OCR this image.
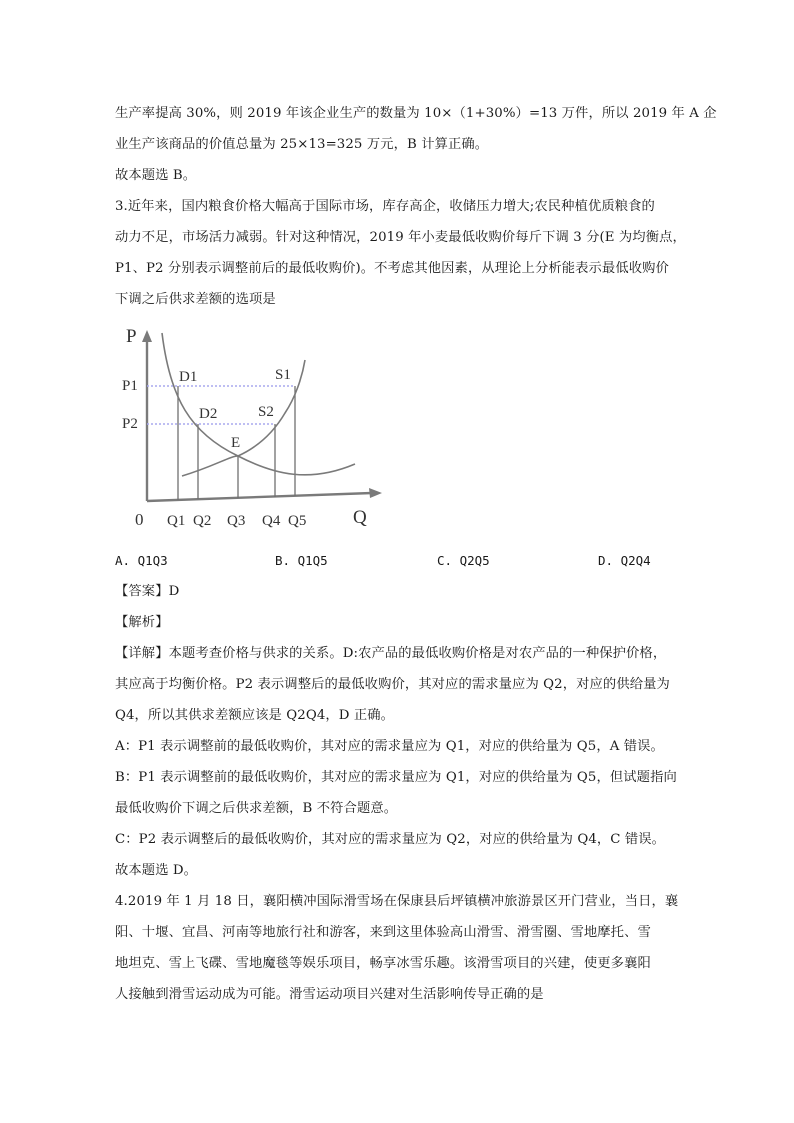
生产率提高 30%，则 2019 年该企业生产的数量为 10×（1+30%）=13 万件，所以 2019 年 A 企
业生产该商品的价值总量为 25×13=325 万元，B 计算正确。
故本题选 B。
3.近年来，国内粮食价格大幅高于国际市场，库存高企，收储压力增大;农民种植优质粮食的
动力不足，市场活力减弱。针对这种情况，2019 年小麦最低收购价每斤下调 3 分(E 为均衡点，
P1、P2 分别表示调整前后的最低收购价)。不考虑其他因素，从理论上分析能表示最低收购价
下调之后供求差额的选项是
P
Q
0
P1
P2
D1
D2
S1
S2
E
Q1 Q2 Q3 Q4 Q5
A. Q1Q3	B. Q1Q5	C. Q2Q5	D. Q2Q4
【答案】D
【解析】
【详解】本题考查价格与供求的关系。D:农产品的最低收购价格是对农产品的一种保护价格，
其应高于均衡价格。P2 表示调整后的最低收购价，其对应的需求量应为 Q2，对应的供给量为
Q4，所以其供求差额应该是 Q2Q4，D 正确。
A：P1 表示调整前的最低收购价，其对应的需求量应为 Q1，对应的供给量为 Q5，A 错误。
B：P1 表示调整前的最低收购价，其对应的需求量应为 Q1，对应的供给量为 Q5，但试题指向
最低收购价下调之后供求差额，B 不符合题意。
C：P2 表示调整后的最低收购价，其对应的需求量应为 Q2，对应的供给量为 Q4，C 错误。
故本题选 D。
4.2019 年 1 月 18 日，襄阳横冲国际滑雪场在保康县后坪镇横冲旅游景区开门营业，当日，襄
阳、十堰、宜昌、河南等地旅行社和游客，来到这里体验高山滑雪、滑雪圈、雪地摩托、雪
地坦克、雪上飞碟、雪地魔毯等娱乐项目，畅享冰雪乐趣。该滑雪项目的兴建，使更多襄阳
人接触到滑雪运动成为可能。滑雪运动项目兴建对生活影响传导正确的是
